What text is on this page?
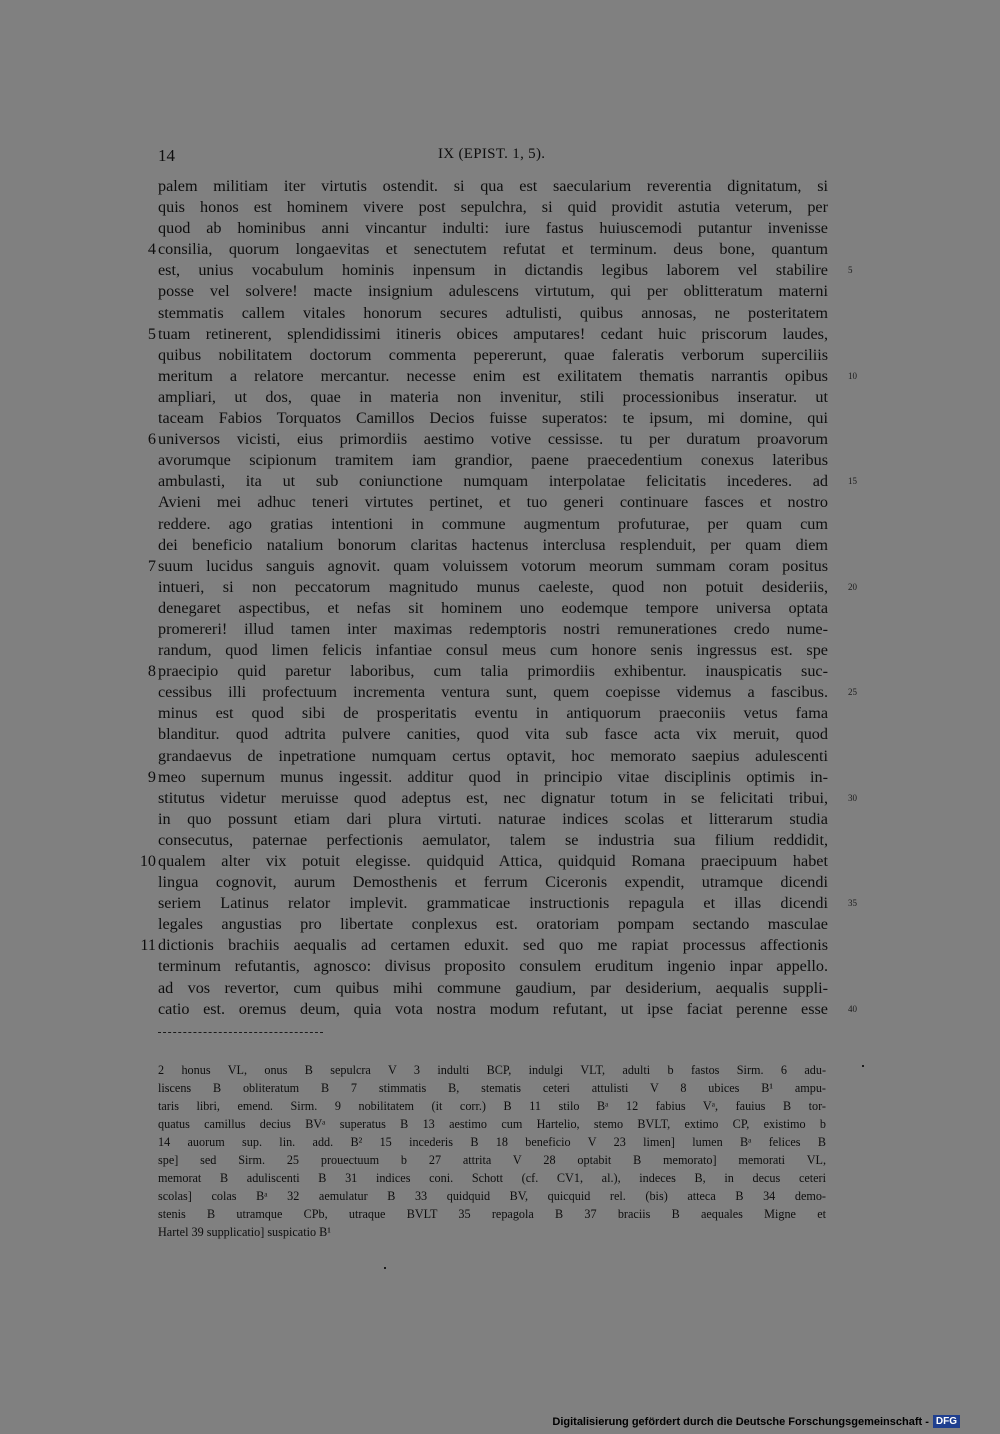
14	IX (EPIST. 1, 5).
palem militiam iter virtutis ostendit. si qua est saecularium reverentia dignitatum, si
quis honos est hominem vivere post sepulchra, si quid providit astutia veterum, per
quod ab hominibus anni vincantur indulti: iure fastus huiuscemodi putantur invenisse
4 consilia, quorum longaevitas et senectutem refutat et terminum. deus bone, quantum
est, unius vocabulum hominis inpensum in dictandis legibus laborem vel stabilire 5
posse vel solvere! macte insignium adulescens virtutum, qui per oblitteratum materni
stemmatis callem vitales honorum secures adtulisti, quibus annosas, ne posteritatem
5 tuam retinerent, splendidissimi itineris obices amputares! cedant huic priscorum laudes,
quibus nobilitatem doctorum commenta pepererunt, quae faleratis verborum superciliis
meritum a relatore mercantur. necesse enim est exilitatem thematis narrantis opibus 10
ampliari, ut dos, quae in materia non invenitur, stili processionibus inseratur. ut
taceam Fabios Torquatos Camillos Decios fuisse superatos: te ipsum, mi domine, qui
6 universos vicisti, eius primordiis aestimo votive cessisse. tu per duratum proavorum
avorumque scipionum tramitem iam grandior, paene praecedentium conexus lateribus
ambulasti, ita ut sub coniunctione numquam interpolatae felicitatis incederes. ad 15
Avieni mei adhuc teneri virtutes pertinet, et tuo generi continuare fasces et nostro
reddere. ago gratias intentioni in commune augmentum profuturae, per quam cum
dei beneficio natalium bonorum claritas hactenus interclusa resplenduit, per quam diem
7 suum lucidus sanguis agnovit. quam voluissem votorum meorum summam coram positus
intueri, si non peccatorum magnitudo munus caeleste, quod non potuit desideriis, 20
denegaret aspectibus, et nefas sit hominem uno eodemque tempore universa optata
promereri! illud tamen inter maximas redemptoris nostri remunerationes credo nume-
randum, quod limen felicis infantiae consul meus cum honore senis ingressus est. spe
8 praecipio quid paretur laboribus, cum talia primordiis exhibentur. inauspicatis suc-
cessibus illi profectuum incrementa ventura sunt, quem coepisse videmus a fascibus. 25
minus est quod sibi de prosperitatis eventu in antiquorum praeconiis vetus fama
blanditur. quod adtrita pulvere canities, quod vita sub fasce acta vix meruit, quod
grandaevus de inpetratione numquam certus optavit, hoc memorato saepius adulescenti
9 meo supernum munus ingessit. additur quod in principio vitae disciplinis optimis in-
stitutus videtur meruisse quod adeptus est, nec dignatur totum in se felicitati tribui, 30
in quo possunt etiam dari plura virtuti. naturae indices scolas et litterarum studia
consecutus, paternae perfectionis aemulator, talem se industria sua filium reddidit,
10 qualem alter vix potuit elegisse. quidquid Attica, quidquid Romana praecipuum habet
lingua cognovit, aurum Demosthenis et ferrum Ciceronis expendit, utramque dicendi
seriem Latinus relator implevit. grammaticae instructionis repagula et illas dicendi 35
legales angustias pro libertate conplexus est. oratoriam pompam sectando masculae
11 dictionis brachiis aequalis ad certamen eduxit. sed quo me rapiat processus affectionis
terminum refutantis, agnosco: divisus proposito consulem eruditum ingenio inpar appello.
ad vos revertor, cum quibus mihi commune gaudium, par desiderium, aequalis suppli-
catio est. oremus deum, quia vota nostra modum refutant, ut ipse faciat perenne esse 40
2 honus VL, onus B sepulcra V 3 indulti BCP, indulgi VLT, adulti b fastos Sirm. 6 adu-
liscens B obliteratum B 7 stimmatis B, stematis ceteri attulisti V 8 ubices B¹ ampu-
taris libri, emend. Sirm. 9 nobilitatem (it corr.) B 11 stilo Bᵃ 12 fabius Vᵃ, fauius B tor-
quatus camillus decius BVᵃ superatus B 13 aestimo cum Hartelio, stemo BVLT, extimo CP, existimo b
14 auorum sup. lin. add. B² 15 incederis B 18 beneficio V 23 limen] lumen Bᵃ felices B
spe] sed Sirm. 25 prouectuum b 27 attrita V 28 optabit B memorato] memorati VL,
memorat B aduliscenti B 31 indices coni. Schott (cf. CV1, al.), indeces B, in decus ceteri
scolas] colas Bᵃ 32 aemulatur B 33 quidquid BV, quicquid rel. (bis) atteca B 34 demo-
stenis B utramque CPb, utraque BVLT 35 repagola B 37 braciis B aequales Migne et
Hartel 39 supplicatio] suspicatio B¹
Digitalisierung gefördert durch die Deutsche Forschungsgemeinschaft - DFG
